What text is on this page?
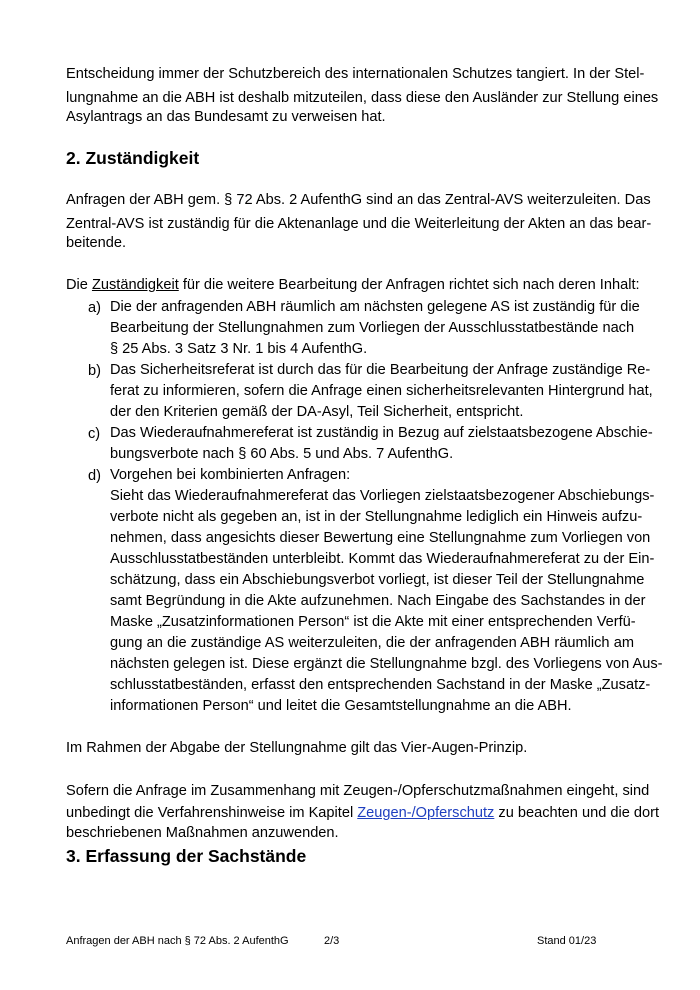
Entscheidung immer der Schutzbereich des internationalen Schutzes tangiert. In der Stel-
lungnahme an die ABH ist deshalb mitzuteilen, dass diese den Ausländer zur Stellung eines
Asylantrags an das Bundesamt zu verweisen hat.
2. Zuständigkeit
Anfragen der ABH gem. § 72 Abs. 2 AufenthG sind an das Zentral-AVS weiterzuleiten. Das
Zentral-AVS ist zuständig für die Aktenanlage und die Weiterleitung der Akten an das bear-
beitende.
Die Zuständigkeit für die weitere Bearbeitung der Anfragen richtet sich nach deren Inhalt:
a) Die der anfragenden ABH räumlich am nächsten gelegene AS ist zuständig für die
Bearbeitung der Stellungnahmen zum Vorliegen der Ausschlusstatbestände nach
§ 25 Abs. 3 Satz 3 Nr. 1 bis 4 AufenthG.
b) Das Sicherheitsreferat ist durch das für die Bearbeitung der Anfrage zuständige Re-
ferat zu informieren, sofern die Anfrage einen sicherheitsrelevanten Hintergrund hat,
der den Kriterien gemäß der DA-Asyl, Teil Sicherheit, entspricht.
c) Das Wiederaufnahmereferat ist zuständig in Bezug auf zielstaatsbezogene Abschie-
bungsverbote nach § 60 Abs. 5 und Abs. 7 AufenthG.
d) Vorgehen bei kombinierten Anfragen:
Sieht das Wiederaufnahmereferat das Vorliegen zielstaatsbezogener Abschiebungs-
verbote nicht als gegeben an, ist in der Stellungnahme lediglich ein Hinweis aufzu-
nehmen, dass angesichts dieser Bewertung eine Stellungnahme zum Vorliegen von
Ausschlusstatbeständen unterbleibt. Kommt das Wiederaufnahmereferat zu der Ein-
schätzung, dass ein Abschiebungsverbot vorliegt, ist dieser Teil der Stellungnahme
samt Begründung in die Akte aufzunehmen. Nach Eingabe des Sachstandes in der
Maske „Zusatzinformationen Person“ ist die Akte mit einer entsprechenden Verfü-
gung an die zuständige AS weiterzuleiten, die der anfragenden ABH räumlich am
nächsten gelegen ist. Diese ergänzt die Stellungnahme bzgl. des Vorliegens von Aus-
schlusstatbeständen, erfasst den entsprechenden Sachstand in der Maske „Zusatz-
informationen Person“ und leitet die Gesamtstellungnahme an die ABH.
Im Rahmen der Abgabe der Stellungnahme gilt das Vier-Augen-Prinzip.
Sofern die Anfrage im Zusammenhang mit Zeugen-/Opferschutzmaßnahmen eingeht, sind
unbedingt die Verfahrenshinweise im Kapitel Zeugen-/Opferschutz zu beachten und die dort
beschriebenen Maßnahmen anzuwenden.
3. Erfassung der Sachstände
Anfragen der ABH nach § 72 Abs. 2 AufenthG	2/3	Stand 01/23
